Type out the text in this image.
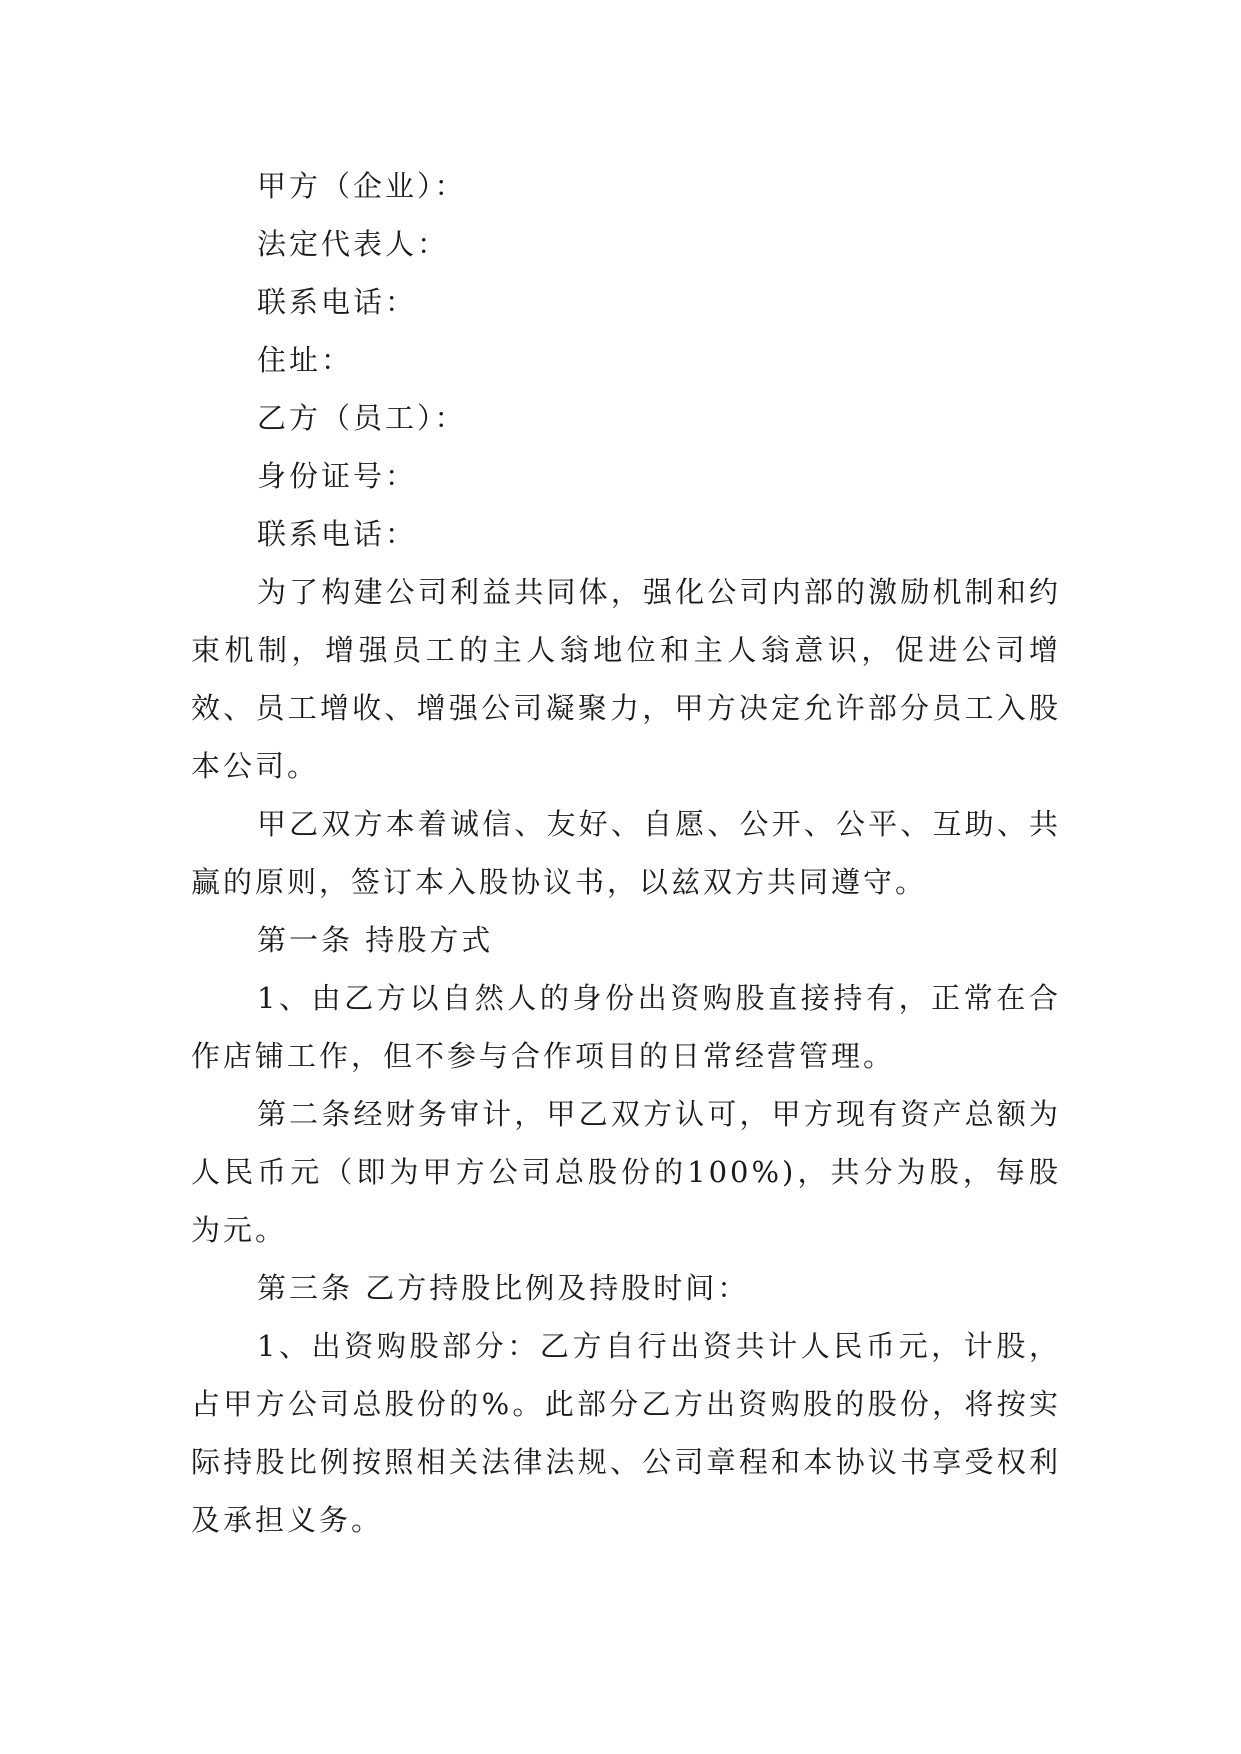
甲方（企业）：
法定代表人：
联系电话：
住址：
乙方（员工）：
身份证号：
联系电话：

为了构建公司利益共同体，强化公司内部的激励机制和约束机制，增强员工的主人翁地位和主人翁意识，促进公司增效、员工增收、增强公司凝聚力，甲方决定允许部分员工入股本公司。

甲乙双方本着诚信、友好、自愿、公开、公平、互助、共赢的原则，签订本入股协议书，以兹双方共同遵守。

第一条 持股方式

1、由乙方以自然人的身份出资购股直接持有，正常在合作店铺工作，但不参与合作项目的日常经营管理。

第二条经财务审计，甲乙双方认可，甲方现有资产总额为人民币元（即为甲方公司总股份的100%)，共分为股，每股为元。

第三条 乙方持股比例及持股时间：

1、出资购股部分：乙方自行出资共计人民币元，计股，占甲方公司总股份的%。此部分乙方出资购股的股份，将按实际持股比例按照相关法律法规、公司章程和本协议书享受权利及承担义务。
